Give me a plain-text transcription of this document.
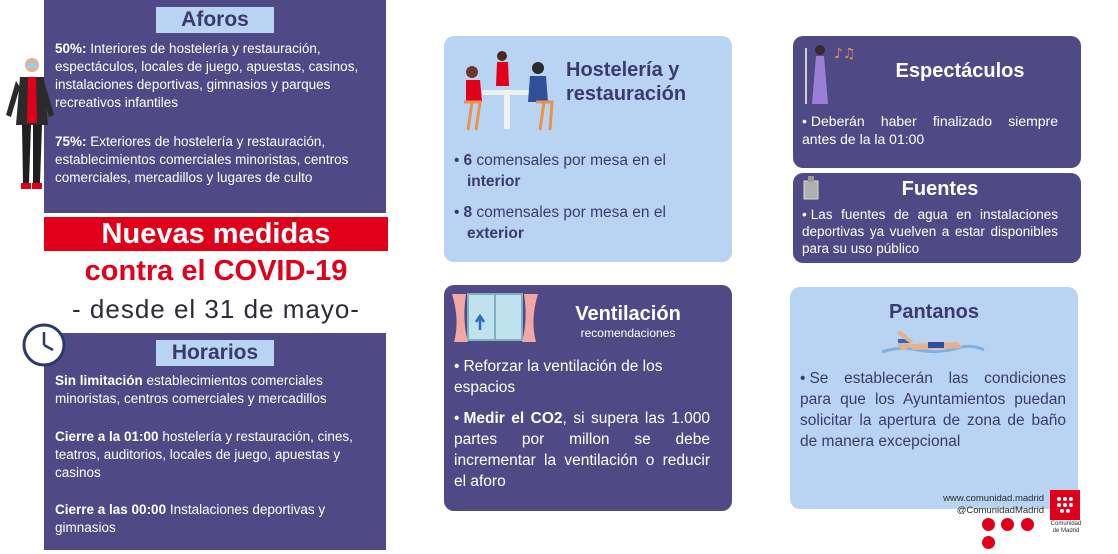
Aforos
50%: Interiores de hostelería y restauración, espectáculos, locales de juego, apuestas, casinos, instalaciones deportivas, gimnasios y parques recreativos infantiles
75%: Exteriores de hostelería y restauración, establecimientos comerciales minoristas, centros comerciales, mercadillos y lugares de culto
Nuevas medidas
contra el COVID-19
- desde el 31 de mayo-
Horarios
Sin limitación establecimientos comerciales minoristas, centros comerciales y mercadillos
Cierre a la 01:00 hostelería y restauración, cines, teatros, auditorios, locales de juego, apuestas y casinos
Cierre a las 00:00 Instalaciones deportivas y gimnasios
Hostelería y
restauración
• 6 comensales por mesa en el
interior
• 8 comensales por mesa en el
exterior
Ventilación
recomendaciones
• Reforzar la ventilación de los espacios
• Medir el CO2, si supera las 1.000 partes por millon se debe incrementar la ventilación o reducir el aforo
♪♫
Espectáculos
• Deberán haber finalizado siempre antes de la la 01:00
Fuentes
• Las fuentes de agua en instalaciones deportivas ya vuelven a estar disponibles para su uso público
Pantanos
• Se establecerán las condiciones para que los Ayuntamientos puedan solicitar la apertura de zona de baño de manera excepcional
www.comunidad.madrid
@ComunidadMadrid

Comunidad
de Madrid
